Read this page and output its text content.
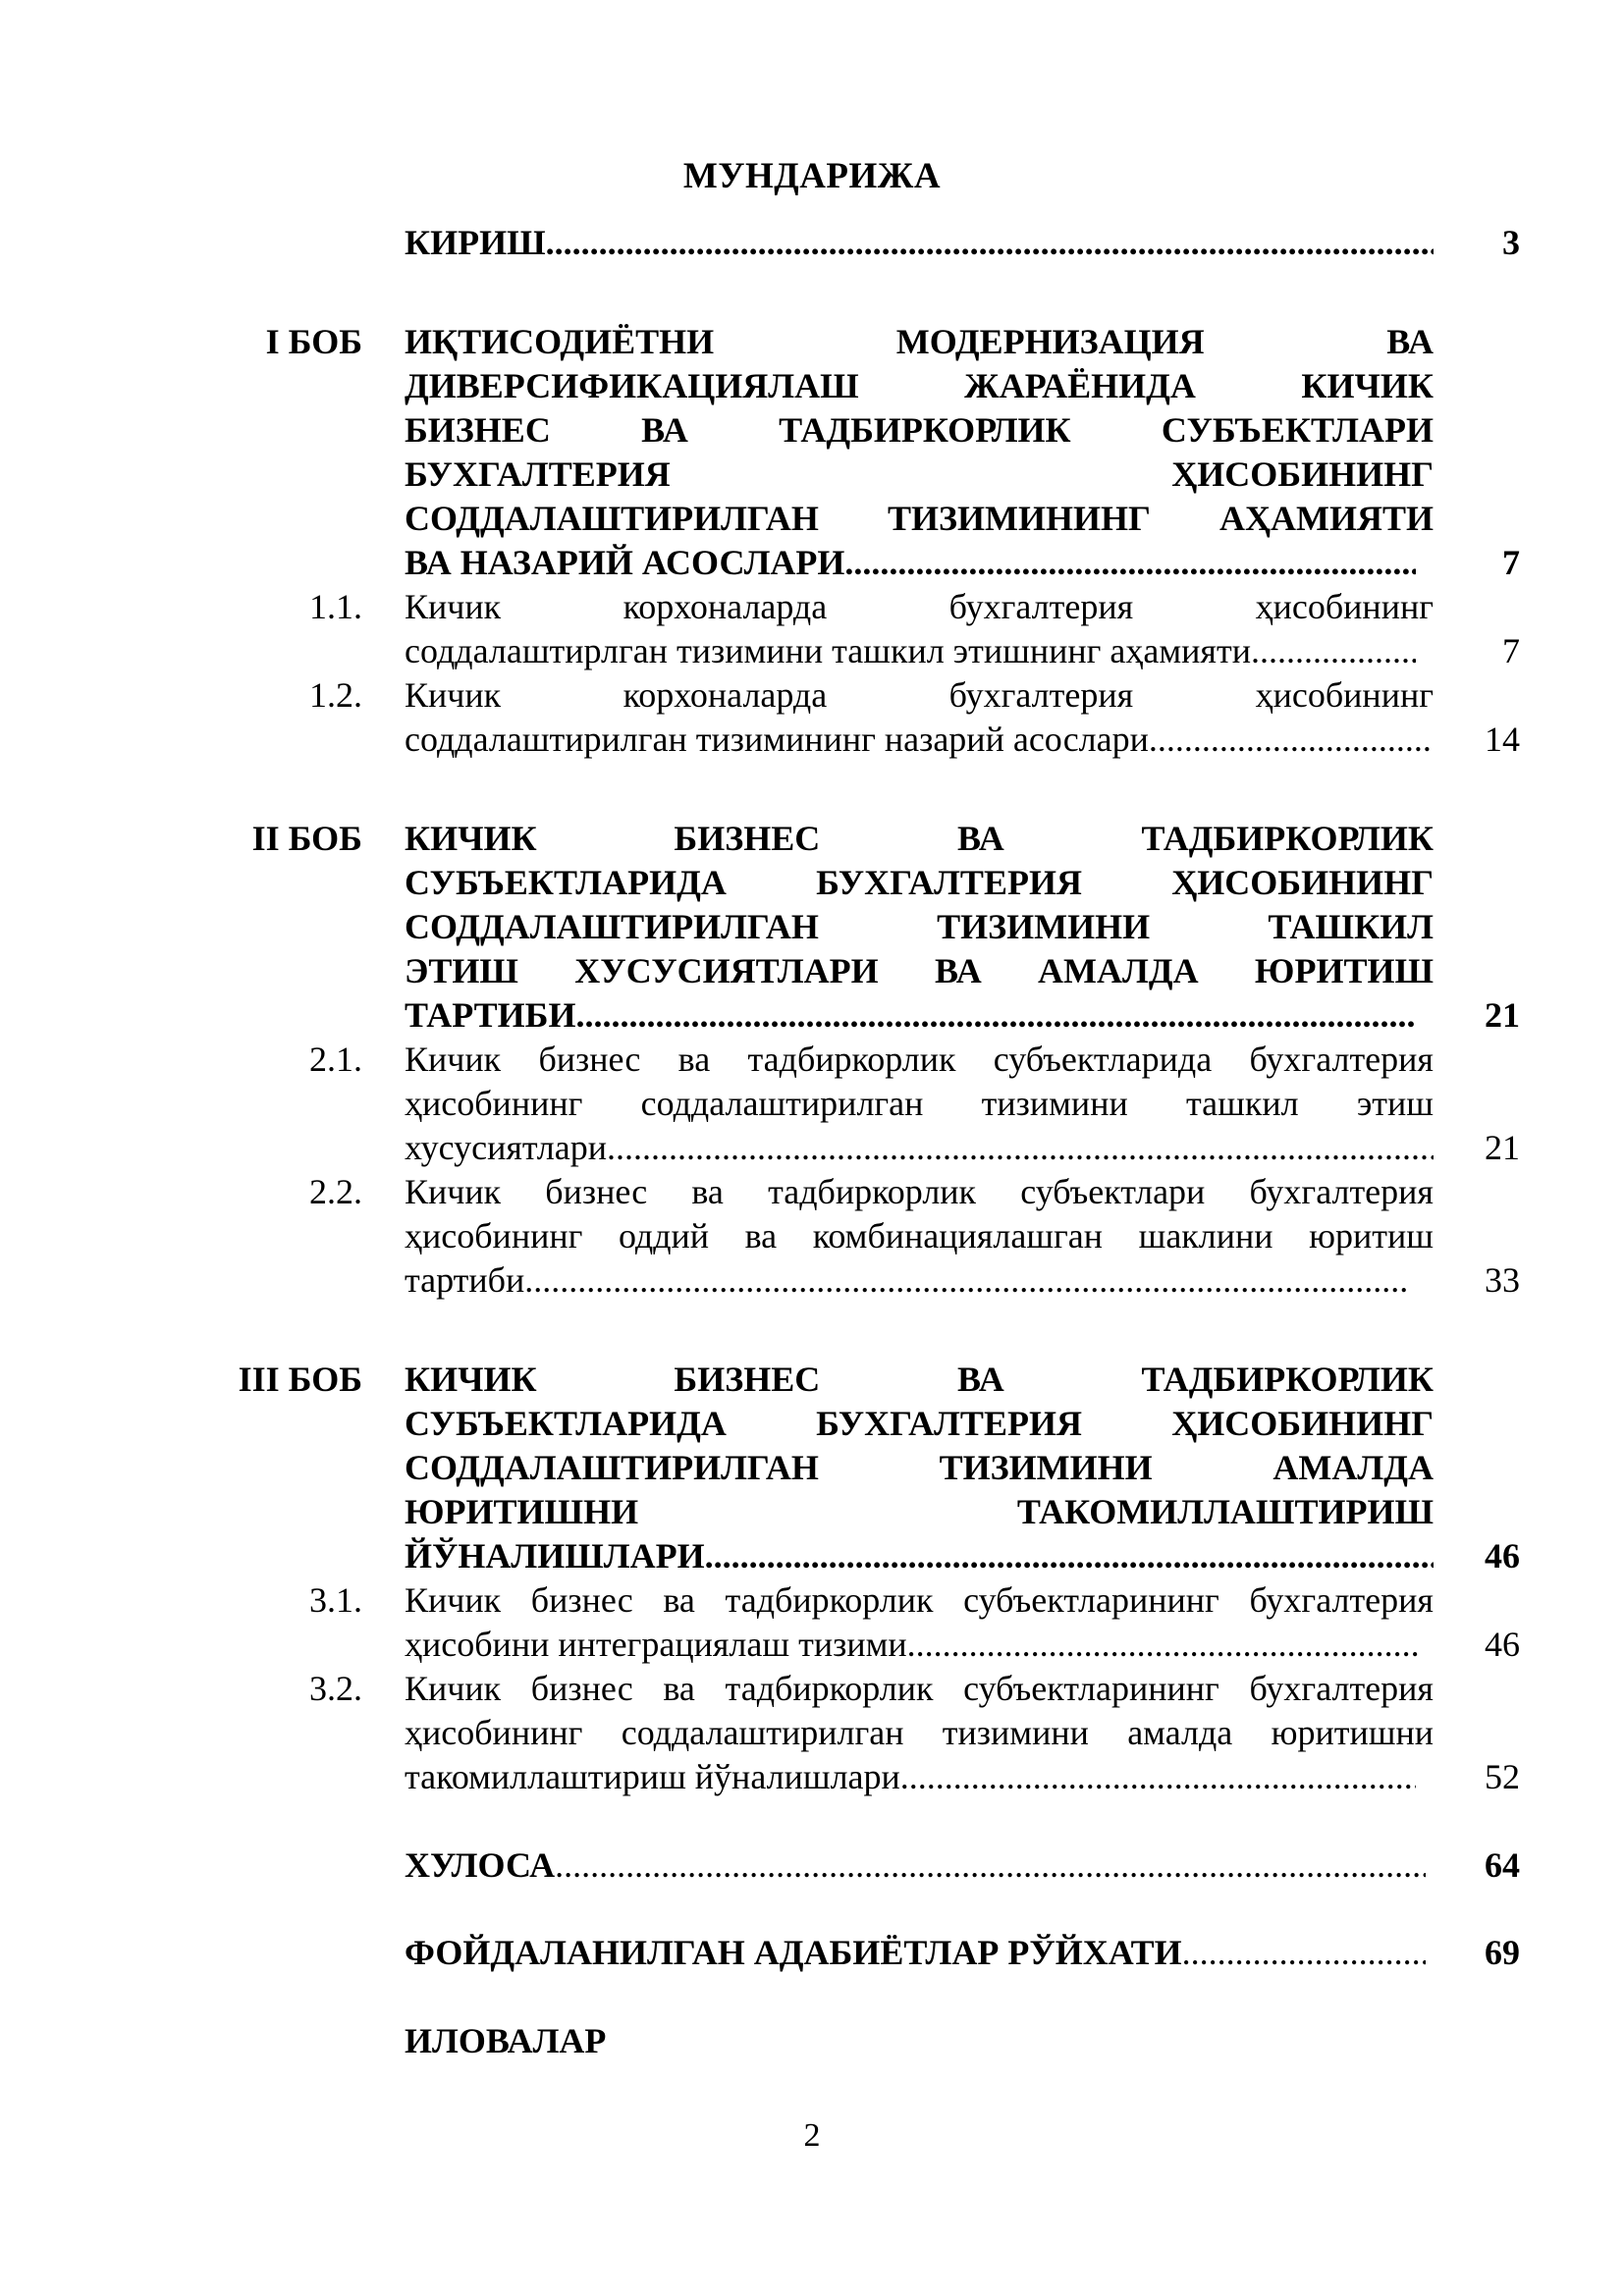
МУНДАРИЖА
КИРИШ .....	3
I БОБ ИҚТИСОДИЁТНИ МОДЕРНИЗАЦИЯ ВА
ДИВЕРСИФИКАЦИЯЛАШ ЖАРАЁНИДА КИЧИК
БИЗНЕС ВА ТАДБИРКОРЛИК СУБЪЕКТЛАРИ
БУХГАЛТЕРИЯ ҲИСОБИНИНГ
СОДДАЛАШТИРИЛГАН ТИЗИМИНИНГ АҲАМИЯТИ
ВА НАЗАРИЙ АСОСЛАРИ .....	7
1.1. Кичик корхоналарда бухгалтерия ҳисобининг
соддалаштирлган тизимини ташкил этишнинг аҳамияти .....	7
1.2. Кичик корхоналарда бухгалтерия ҳисобининг
соддалаштирилган тизимининг назарий асослари .....	14
II БОБ КИЧИК БИЗНЕС ВА ТАДБИРКОРЛИК
СУБЪЕКТЛАРИДА БУХГАЛТЕРИЯ ҲИСОБИНИНГ
СОДДАЛАШТИРИЛГАН ТИЗИМИНИ ТАШКИЛ
ЭТИШ ХУСУСИЯТЛАРИ ВА АМАЛДА ЮРИТИШ
ТАРТИБИ .....	21
2.1. Кичик бизнес ва тадбиркорлик субъектларида бухгалтерия
ҳисобининг соддалаштирилган тизимини ташкил этиш
хусусиятлари .....	21
2.2. Кичик бизнес ва тадбиркорлик субъектлари бухгалтерия
ҳисобининг оддий ва комбинациялашган шаклини юритиш
тартиби .....	33
III БОБ КИЧИК БИЗНЕС ВА ТАДБИРКОРЛИК
СУБЪЕКТЛАРИДА БУХГАЛТЕРИЯ ҲИСОБИНИНГ
СОДДАЛАШТИРИЛГАН ТИЗИМИНИ АМАЛДА
ЮРИТИШНИ ТАКОМИЛЛАШТИРИШ
ЙЎНАЛИШЛАРИ .....	46
3.1. Кичик бизнес ва тадбиркорлик субъектларининг бухгалтерия
ҳисобини интеграциялаш тизими .....	46
3.2. Кичик бизнес ва тадбиркорлик субъектларининг бухгалтерия
ҳисобининг соддалаштирилган тизимини амалда юритишни
такомиллаштириш йўналишлари .....	52
ХУЛОСА .....	64
ФОЙДАЛАНИЛГАН АДАБИЁТЛАР РЎЙХАТИ .....	69
ИЛОВАЛАР
2
